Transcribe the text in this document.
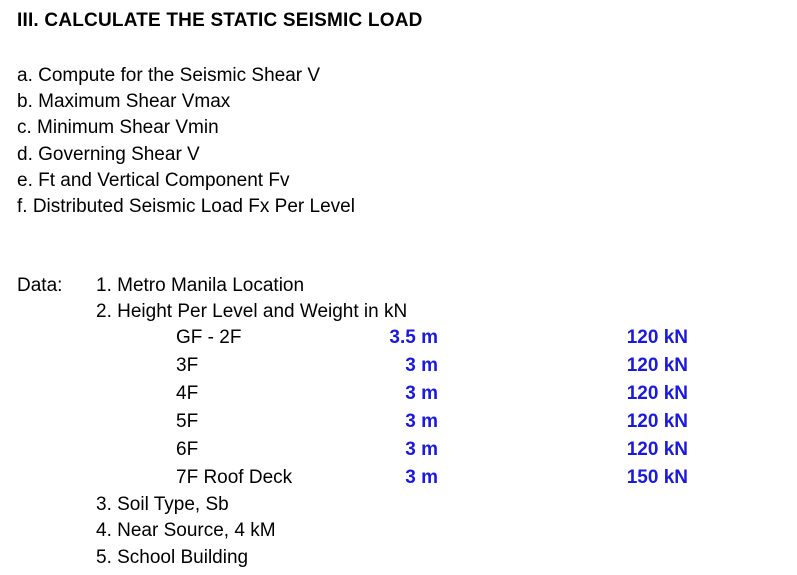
III. CALCULATE THE STATIC SEISMIC LOAD
a. Compute for the Seismic Shear V
b. Maximum Shear Vmax
c. Minimum Shear Vmin
d. Governing Shear V
e. Ft and Vertical Component Fv
f. Distributed Seismic Load Fx Per Level
Data: 1. Metro Manila Location
2. Height Per Level and Weight in kN
GF - 2F	3.5 m	120 kN
3F	3 m	120 kN
4F	3 m	120 kN
5F	3 m	120 kN
6F	3 m	120 kN
7F Roof Deck	3 m	150 kN
3. Soil Type, Sb
4. Near Source, 4 kM
5. School Building
